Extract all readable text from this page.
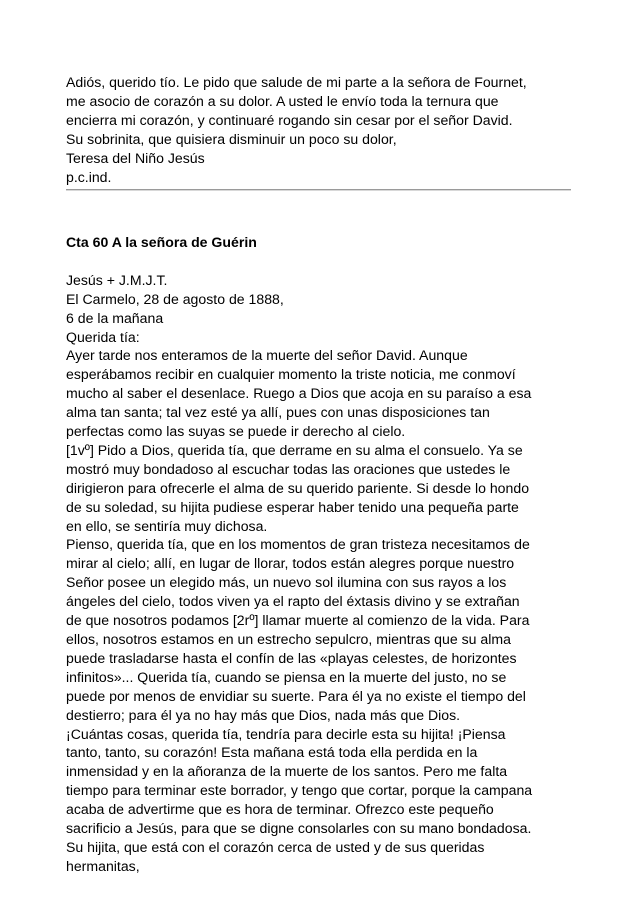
Adiós, querido tío. Le pido que salude de mi parte a la señora de Fournet,
me asocio de corazón a su dolor. A usted le envío toda la ternura que
encierra mi corazón, y continuaré rogando sin cesar por el señor David.
Su sobrinita, que quisiera disminuir un poco su dolor,
Teresa del Niño Jesús
p.c.ind.
Cta 60 A la señora de Guérin
Jesús + J.M.J.T.
El Carmelo, 28 de agosto de 1888,
6 de la mañana
Querida tía:
Ayer tarde nos enteramos de la muerte del señor David. Aunque
esperábamos recibir en cualquier momento la triste noticia, me conmoví
mucho al saber el desenlace. Ruego a Dios que acoja en su paraíso a esa
alma tan santa; tal vez esté ya allí, pues con unas disposiciones tan
perfectas como las suyas se puede ir derecho al cielo.
[1vº] Pido a Dios, querida tía, que derrame en su alma el consuelo. Ya se
mostró muy bondadoso al escuchar todas las oraciones que ustedes le
dirigieron para ofrecerle el alma de su querido pariente. Si desde lo hondo
de su soledad, su hijita pudiese esperar haber tenido una pequeña parte
en ello, se sentiría muy dichosa.
Pienso, querida tía, que en los momentos de gran tristeza necesitamos de
mirar al cielo; allí, en lugar de llorar, todos están alegres porque nuestro
Señor posee un elegido más, un nuevo sol ilumina con sus rayos a los
ángeles del cielo, todos viven ya el rapto del éxtasis divino y se extrañan
de que nosotros podamos [2rº] llamar muerte al comienzo de la vida. Para
ellos, nosotros estamos en un estrecho sepulcro, mientras que su alma
puede trasladarse hasta el confín de las «playas celestes, de horizontes
infinitos»... Querida tía, cuando se piensa en la muerte del justo, no se
puede por menos de envidiar su suerte. Para él ya no existe el tiempo del
destierro; para él ya no hay más que Dios, nada más que Dios.
¡Cuántas cosas, querida tía, tendría para decirle esta su hijita! ¡Piensa
tanto, tanto, su corazón! Esta mañana está toda ella perdida en la
inmensidad y en la añoranza de la muerte de los santos. Pero me falta
tiempo para terminar este borrador, y tengo que cortar, porque la campana
acaba de advertirme que es hora de terminar. Ofrezco este pequeño
sacrificio a Jesús, para que se digne consolarles con su mano bondadosa.
Su hijita, que está con el corazón cerca de usted y de sus queridas
hermanitas,
